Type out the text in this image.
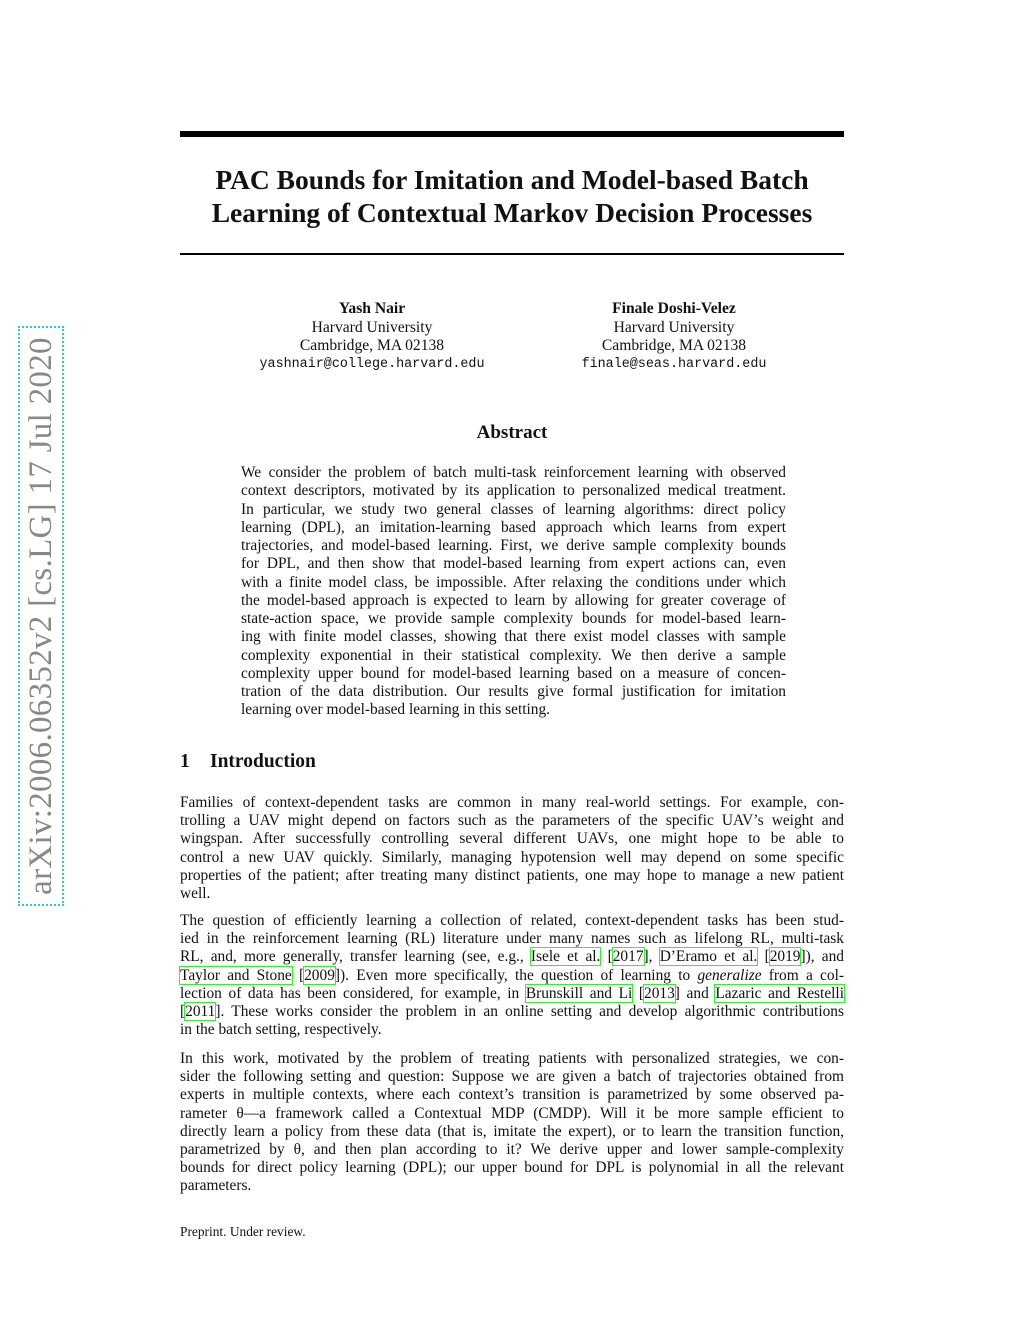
arXiv:2006.06352v2 [cs.LG] 17 Jul 2020
PAC Bounds for Imitation and Model-based Batch
Learning of Contextual Markov Decision Processes
Yash Nair
Harvard University
Cambridge, MA 02138
yashnair@college.harvard.edu
Finale Doshi-Velez
Harvard University
Cambridge, MA 02138
finale@seas.harvard.edu
Abstract
We consider the problem of batch multi-task reinforcement learning with observed
context descriptors, motivated by its application to personalized medical treatment.
In particular, we study two general classes of learning algorithms: direct policy
learning (DPL), an imitation-learning based approach which learns from expert
trajectories, and model-based learning. First, we derive sample complexity bounds
for DPL, and then show that model-based learning from expert actions can, even
with a finite model class, be impossible. After relaxing the conditions under which
the model-based approach is expected to learn by allowing for greater coverage of
state-action space, we provide sample complexity bounds for model-based learn-
ing with finite model classes, showing that there exist model classes with sample
complexity exponential in their statistical complexity. We then derive a sample
complexity upper bound for model-based learning based on a measure of concen-
tration of the data distribution. Our results give formal justification for imitation
learning over model-based learning in this setting.
1 Introduction
Families of context-dependent tasks are common in many real-world settings. For example, con-
trolling a UAV might depend on factors such as the parameters of the specific UAV’s weight and
wingspan. After successfully controlling several different UAVs, one might hope to be able to
control a new UAV quickly. Similarly, managing hypotension well may depend on some specific
properties of the patient; after treating many distinct patients, one may hope to manage a new patient
well.
The question of efficiently learning a collection of related, context-dependent tasks has been stud-
ied in the reinforcement learning (RL) literature under many names such as lifelong RL, multi-task
RL, and, more generally, transfer learning (see, e.g., Isele et al. [2017], D’Eramo et al. [2019]), and
Taylor and Stone [2009]). Even more specifically, the question of learning to generalize from a col-
lection of data has been considered, for example, in Brunskill and Li [2013] and Lazaric and Restelli
[2011]. These works consider the problem in an online setting and develop algorithmic contributions
in the batch setting, respectively.
In this work, motivated by the problem of treating patients with personalized strategies, we con-
sider the following setting and question: Suppose we are given a batch of trajectories obtained from
experts in multiple contexts, where each context’s transition is parametrized by some observed pa-
rameter θ—a framework called a Contextual MDP (CMDP). Will it be more sample efficient to
directly learn a policy from these data (that is, imitate the expert), or to learn the transition function,
parametrized by θ, and then plan according to it? We derive upper and lower sample-complexity
bounds for direct policy learning (DPL); our upper bound for DPL is polynomial in all the relevant
parameters.
Preprint. Under review.
